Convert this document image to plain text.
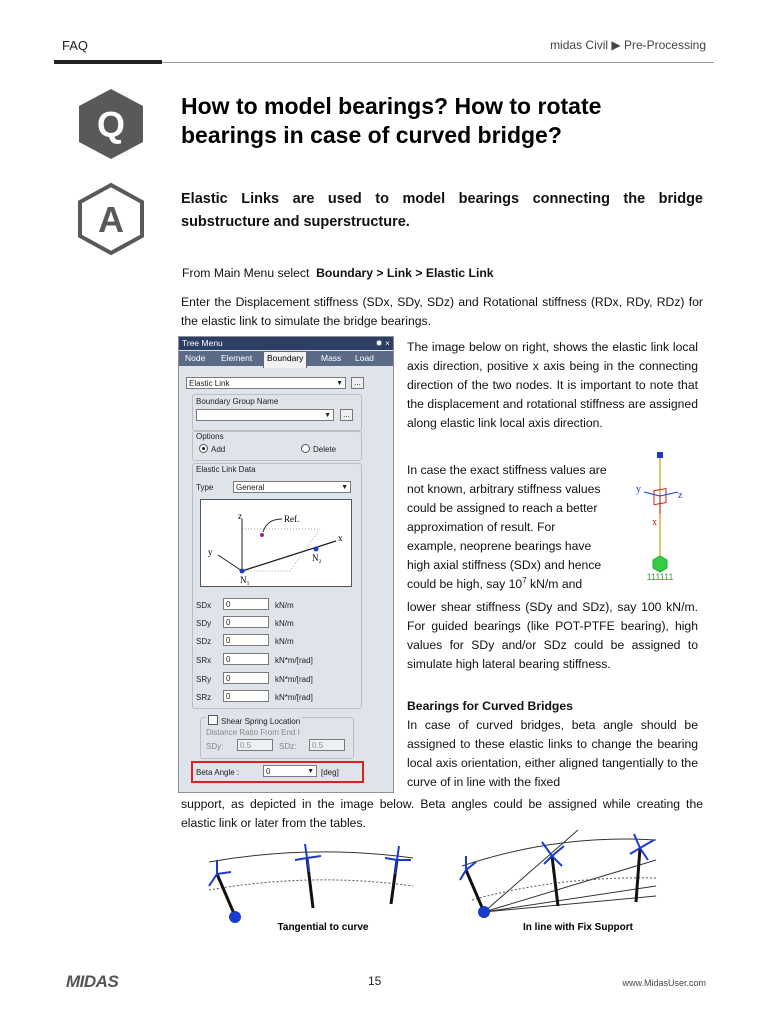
FAQ	midas Civil ▶ Pre-Processing
Q How to model bearings? How to rotate
bearings in case of curved bridge?
A	Elastic Links are used to model bearings connecting the bridge substructure and superstructure.
From Main Menu select Boundary > Link > Elastic Link
Enter the Displacement stiffness (SDx, SDy, SDz) and Rotational stiffness (RDx, RDy, RDz) for the elastic link to simulate the bridge bearings.
Tree Menu	✹ ×
Node Element	Boundary	Mass Load
Elastic Link	▼	...
Boundary Group Name
▼	...
Options
Add	Delete
Elastic Link Data
Type	General	▼
z	Ref.
x
y
N₁
N₂
SDx	0	kN/m
SDy	0	kN/m
SDz	0	kN/m
SRx	0	kN*m/[rad]
SRy	0	kN*m/[rad]
SRz	0	kN*m/[rad]
Shear Spring Location
Distance Ratio From End I
SDy:	0.5	SDz:	0.5
Beta Angle :	0	▼ [deg]
The image below on right, shows the elastic link local axis direction, positive x axis being in the connecting direction of the two nodes. It is important to note that the displacement and rotational stiffness are assigned along elastic link local axis direction.
In case the exact stiffness values are
not known, arbitrary stiffness values
could be assigned to reach a better
approximation of result. For
example, neoprene bearings have
high axial stiffness (SDx) and hence
could be high, say $10^7$ kN/m and
y
z
x
111111
lower shear stiffness (SDy and SDz), say 100 kN/m. For guided bearings (like POT-PTFE bearing), high values for SDy and/or SDz could be assigned to simulate high lateral bearing stiffness.
Bearings for Curved Bridges
In case of curved bridges, beta angle should be assigned to these elastic links to change the bearing local axis orientation, either aligned tangentially to the curve of in line with the fixed
support, as depicted in the image below. Beta angles could be assigned while creating the elastic link or later from the tables.
Tangential to curve	In line with Fix Support
MIDAS	15	www.MidasUser.com
